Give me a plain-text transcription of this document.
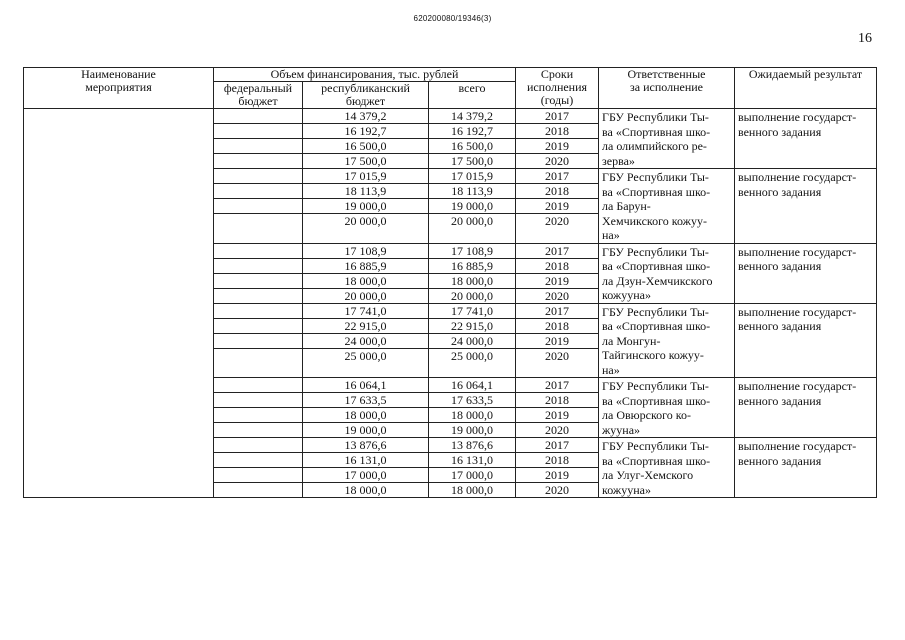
620200080/19346(3)
16
Наименование
мероприятия	Объем финансирования, тыс. рублей			Сроки
исполнения
(годы)	Ответственные
за исполнение	Ожидаемый результат
	федеральный
бюджет	республиканский
бюджет	всего			
		14 379,2	14 379,2	2017	ГБУ Республики Ты-
ва «Спортивная шко-
ла олимпийского ре-
зерва»	выполнение государст-
венного задания
		16 192,7	16 192,7	2018		
		16 500,0	16 500,0	2019		
		17 500,0	17 500,0	2020		
		17 015,9	17 015,9	2017	ГБУ Республики Ты-
ва «Спортивная шко-
ла Барун-
Хемчикского кожуу-
на»	выполнение государст-
венного задания
		18 113,9	18 113,9	2018		
		19 000,0	19 000,0	2019		
		20 000,0	20 000,0	2020		
		17 108,9	17 108,9	2017	ГБУ Республики Ты-
ва «Спортивная шко-
ла Дзун-Хемчикского
кожууна»	выполнение государст-
венного задания
		16 885,9	16 885,9	2018		
		18 000,0	18 000,0	2019		
		20 000,0	20 000,0	2020		
		17 741,0	17 741,0	2017	ГБУ Республики Ты-
ва «Спортивная шко-
ла Монгун-
Тайгинского кожуу-
на»	выполнение государст-
венного задания
		22 915,0	22 915,0	2018		
		24 000,0	24 000,0	2019		
		25 000,0	25 000,0	2020		
		16 064,1	16 064,1	2017	ГБУ Республики Ты-
ва «Спортивная шко-
ла Овюрского ко-
жууна»	выполнение государст-
венного задания
		17 633,5	17 633,5	2018		
		18 000,0	18 000,0	2019		
		19 000,0	19 000,0	2020		
		13 876,6	13 876,6	2017	ГБУ Республики Ты-
ва «Спортивная шко-
ла Улуг-Хемского
кожууна»	выполнение государст-
венного задания
		16 131,0	16 131,0	2018		
		17 000,0	17 000,0	2019		
		18 000,0	18 000,0	2020		
